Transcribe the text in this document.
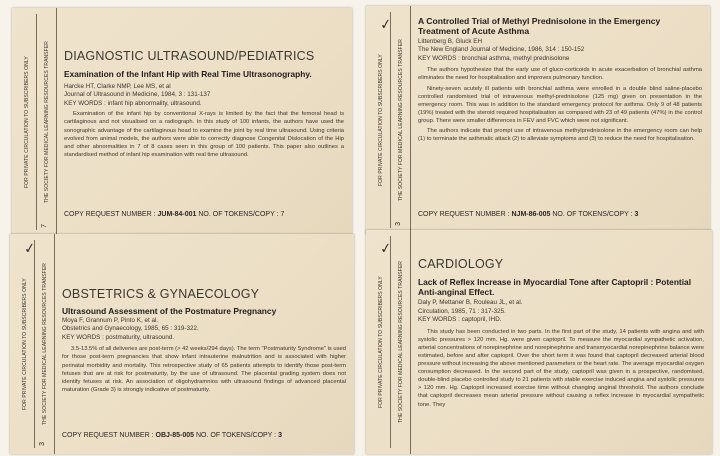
FOR PRIVATE CIRCULATION TO SUBSCRIBERS ONLY	THE SOCIETY FOR MEDICAL LEARNING RESOURCES TRANSFER
7
DIAGNOSTIC ULTRASOUND/PEDIATRICS
Examination of the Infant Hip with Real Time Ultrasonography.
Harcke HT, Clarke NMP, Lee MS, et al
Journal of Ultrasound in Medicine, 1984, 3 : 131-137
KEY WORDS : infant hip abnormality, ultrasound.

Examination of the infant hip by conventional X-rays is limited by the fact that the femoral head is cartilaginous and not visualised on a radiograph. In this study of 100 infants, the authors have used the sonographic advantage of the cartilaginous head to examine the joint by real time ultrasound. Using criteria evolved from animal models, the authors were able to correctly diagnose Congenital Dislocation of the Hip and other abnormalities in 7 of 8 cases seen in this group of 100 patients. This paper also outlines a standardised method of infant hip examination with real time ultrasound.

COPY REQUEST NUMBER : JUM-84-001 NO. OF TOKENS/COPY : 7
FOR PRIVATE CIRCULATION TO SUBSCRIBERS ONLY	THE SOCIETY FOR MEDICAL LEARNING RESOURCES TRANSFER
3
✓	A Controlled Trial of Methyl Prednisolone in the Emergency Treatment of Acute Asthma
Littenberg B, Gluck EH
The New England Journal of Medicine, 1986, 314 : 150-152
KEY WORDS : bronchial asthma, methyl prednisolone

The authors hypothesize that the early use of gluco-corticoids in acute exacerbation of bronchial asthma eliminates the need for hospitalisation and improves pulmonary function.

Ninety-seven acutely ill patients with bronchial asthma were enrolled in a double blind saline-placebo controlled randomised trial of intravenous methyl-prednisolone (125 mg) given on presentation in the emergency room. This was in addition to the standard emergency protocol for asthma. Only 9 of 48 patients (19%) treated with the steroid required hospitalisation as compared with 23 of 49 patients (47%) in the control group. There were smaller differences in FEV and FVC which were not significant.

The authors indicate that prompt use of intravenous methylprednisolone in the emergency room can help (1) to terminate the asthmatic attack (2) to alleviate symptoms and (3) to reduce the need for hospitalisation.

COPY REQUEST NUMBER : NJM-86-005 NO. OF TOKENS/COPY : 3
FOR PRIVATE CIRCULATION TO SUBSCRIBERS ONLY	THE SOCIETY FOR MEDICAL LEARNING RESOURCES TRANSFER
3
✓
OBSTETRICS & GYNAECOLOGY
Ultrasound Assessment of the Postmature Pregnancy
Moya F, Grannum P, Pinto K, et al.
Obstetrics and Gynaecology, 1985, 65 : 319-322.
KEY WORDS : postmaturity, ultrasound.

3.5-13.5% of all deliveries are post-term (> 42 weeks/294 days). The term "Postmaturity Syndrome" is used for those post-term pregnancies that show infant intrauterine malnutrition and is associated with higher perinatal morbidity and mortality. This retrospective study of 65 patients attempts to identify those post-term fetuses that are at risk for postmaturity, by the use of ultrasound. The placental grading system does not identify fetuses at risk. An association of oligohydramnios with ultrasound findings of advanced placental maturation (Grade 3) is strongly indicative of postmaturity.

COPY REQUEST NUMBER : OBJ-85-005 NO. OF TOKENS/COPY : 3
FOR PRIVATE CIRCULATION TO SUBSCRIBERS ONLY	THE SOCIETY FOR MEDICAL LEARNING RESOURCES TRANSFER
✓
CARDIOLOGY
Lack of Reflex Increase in Myocardial Tone after Captopril : Potential Anti-anginal Effect.
Daly P, Mettaner B, Rouleau JL, et al.
Circulation, 1985, 71 : 317-325.
KEY WORDS : captopril, IHD.

This study has been conducted in two parts. In the first part of the study, 14 patients with angina and with systolic pressures > 120 mm. Hg. were given captopril. To measure the myocardial sympathetic activation, arterial concentrations of norepinephrine and norepinephrine and transmyocardial norepinephrine balance were estimated, before and after captopril. Over the short term it was found that captopril decreased arterial blood pressure without increasing the above mentioned parameters or the heart rate. The average myocardial oxygen consumption decreased. In the second part of the study, captopril was given in a prospective, randomised, double-blind placebo controlled study to 21 patients with stable exercise induced angina and systolic pressures > 120 mm. Hg. Captopril increased exercise time without changing anginal threshold. The authors conclude that captopril decreases mean arterial pressure without causing a reflex increase in myocardial sympathetic tone. They
